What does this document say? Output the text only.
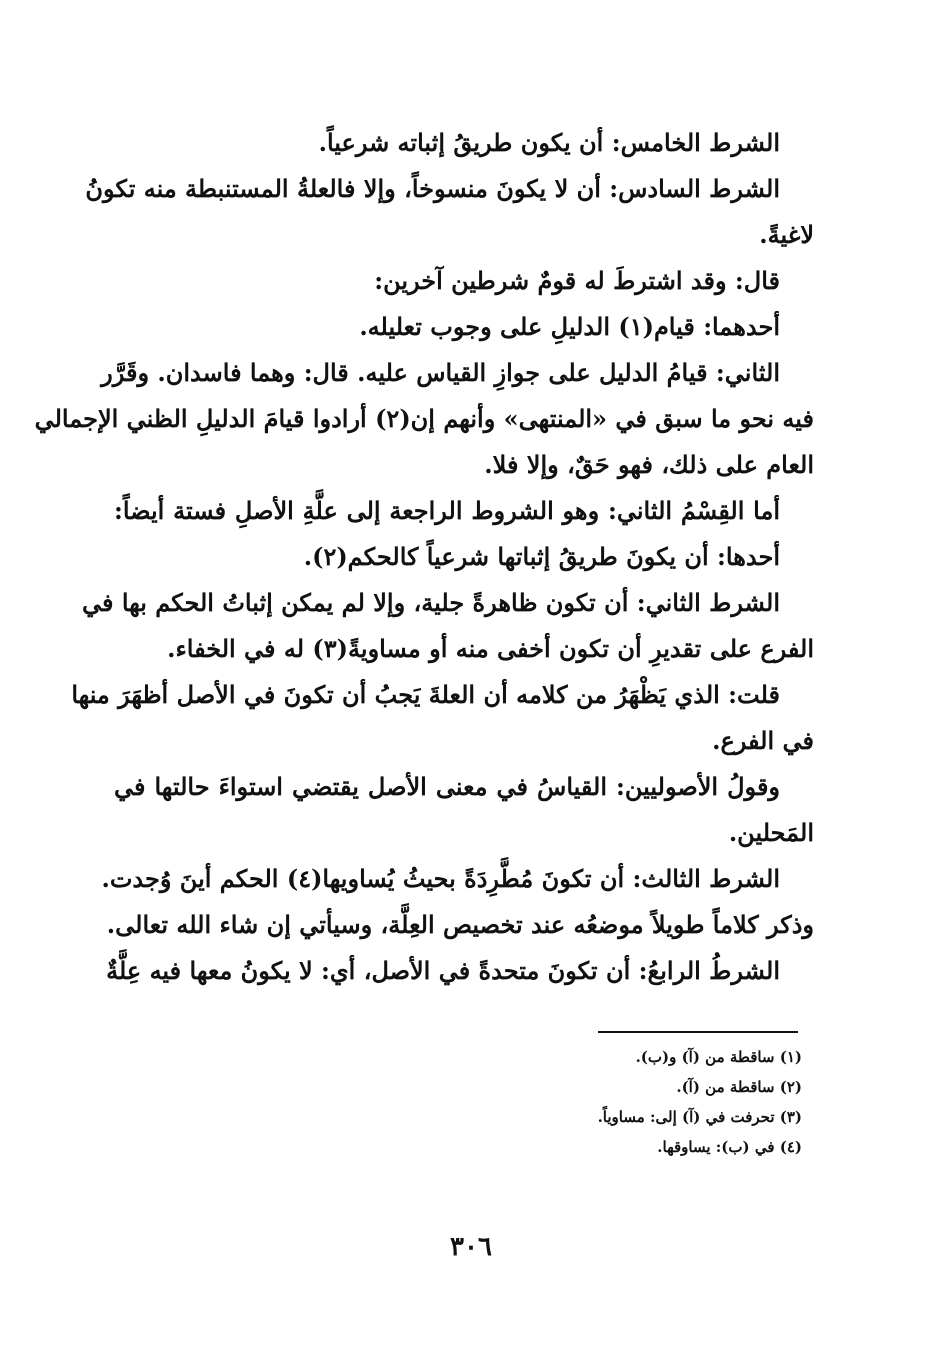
الشرط الخامس: أن يكون طريقُ إثباته شرعياً.
الشرط السادس: أن لا يكونَ منسوخاً، وإلا فالعلةُ المستنبطة منه تكونُ
لاغيةً.
قال: وقد اشترطَ له قومٌ شرطين آخرين:
أحدهما: قيام(١) الدليلِ على وجوب تعليله.
الثاني: قيامُ الدليل على جوازِ القياس عليه. قال: وهما فاسدان. وقَرَّر
فيه نحو ما سبق في «المنتهى» وأنهم إن(٢) أرادوا قيامَ الدليلِ الظني الإجمالي
العام على ذلك، فهو حَقٌ، وإلا فلا.
أما القِسْمُ الثاني: وهو الشروط الراجعة إلى علَّةِ الأصلِ فستة أيضاً:
أحدها: أن يكونَ طريقُ إثباتها شرعياً كالحكم(٢).
الشرط الثاني: أن تكون ظاهرةً جلية، وإلا لم يمكن إثباتُ الحكم بها في
الفرع على تقديرِ أن تكون أخفى منه أو مساويةً(٣) له في الخفاء.
قلت: الذي يَظْهَرُ من كلامه أن العلةَ يَجبُ أن تكونَ في الأصل أظهَرَ منها
في الفرع.
وقولُ الأصوليين: القياسُ في معنى الأصل يقتضي استواءَ حالتها في
المَحلين.
الشرط الثالث: أن تكونَ مُطَّرِدَةً بحيثُ يُساويها(٤) الحكم أينَ وُجدت.
وذكر كلاماً طويلاً موضعُه عند تخصيص العِلَّة، وسيأتي إن شاء الله تعالى.
الشرطُ الرابعُ: أن تكونَ متحدةً في الأصل، أي: لا يكونُ معها فيه عِلَّةٌ
(١) ساقطة من (آ) و(ب).
(٢) ساقطة من (آ).
(٣) تحرفت في (آ) إلى: مساوياً.
(٤) في (ب): يساوقها.
٣٠٦
